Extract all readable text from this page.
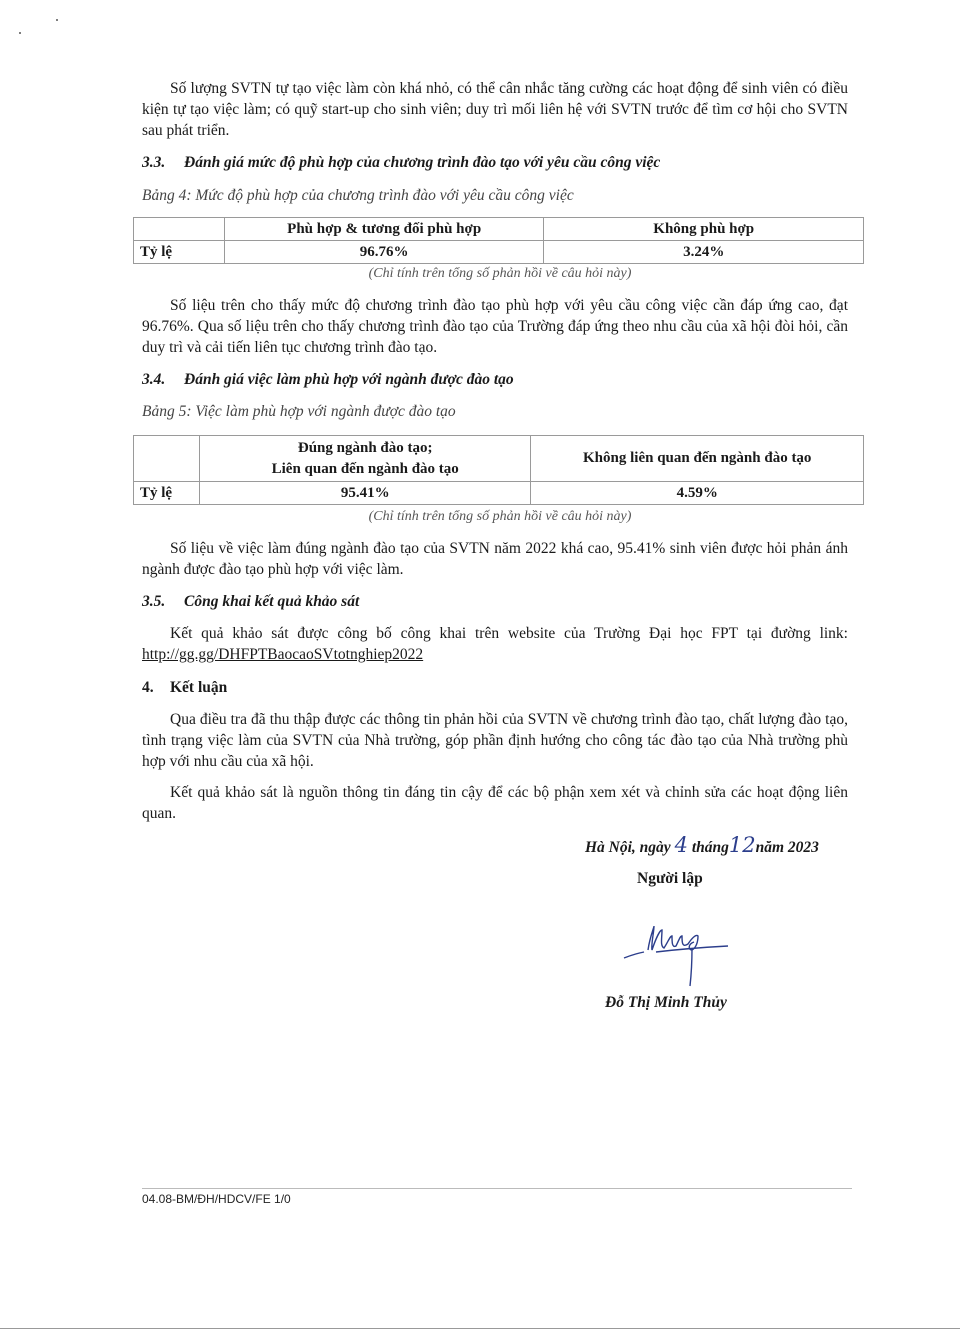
Số lượng SVTN tự tạo việc làm còn khá nhỏ, có thể cân nhắc tăng cường các hoạt động để sinh viên có điều kiện tự tạo việc làm; có quỹ start-up cho sinh viên; duy trì mối liên hệ với SVTN trước để tìm cơ hội cho SVTN sau phát triển.

3.3. Đánh giá mức độ phù hợp của chương trình đào tạo với yêu cầu công việc

Bảng 4: Mức độ phù hợp của chương trình đào với yêu cầu công việc

	Phù hợp & tương đối phù hợp	Không phù hợp
Tỷ lệ	96.76%	3.24%

(Chỉ tính trên tổng số phản hồi về câu hỏi này)

Số liệu trên cho thấy mức độ chương trình đào tạo phù hợp với yêu cầu công việc cần đáp ứng cao, đạt 96.76%. Qua số liệu trên cho thấy chương trình đào tạo của Trường đáp ứng theo nhu cầu của xã hội đòi hỏi, cần duy trì và cải tiến liên tục chương trình đào tạo.

3.4. Đánh giá việc làm phù hợp với ngành được đào tạo

Bảng 5: Việc làm phù hợp với ngành được đào tạo

	Đúng ngành đào tạo;
Liên quan đến ngành đào tạo	Không liên quan đến ngành đào tạo
Tỷ lệ	95.41%	4.59%

(Chỉ tính trên tổng số phản hồi về câu hỏi này)

Số liệu về việc làm đúng ngành đào tạo của SVTN năm 2022 khá cao, 95.41% sinh viên được hỏi phản ánh ngành được đào tạo phù hợp với việc làm.

3.5. Công khai kết quả khảo sát

Kết quả khảo sát được công bố công khai trên website của Trường Đại học FPT tại đường link: http://gg.gg/DHFPTBaocaoSVtotnghiep2022

4. Kết luận

Qua điều tra đã thu thập được các thông tin phản hồi của SVTN về chương trình đào tạo, chất lượng đào tạo, tình trạng việc làm của SVTN của Nhà trường, góp phần định hướng cho công tác đào tạo của Nhà trường phù hợp với nhu cầu của xã hội.

Kết quả khảo sát là nguồn thông tin đáng tin cậy để các bộ phận xem xét và chỉnh sửa các hoạt động liên quan.

Hà Nội, ngày 4 tháng12năm 2023

Người lập

Đỗ Thị Minh Thủy

04.08-BM/ĐH/HDCV/FE 1/0
